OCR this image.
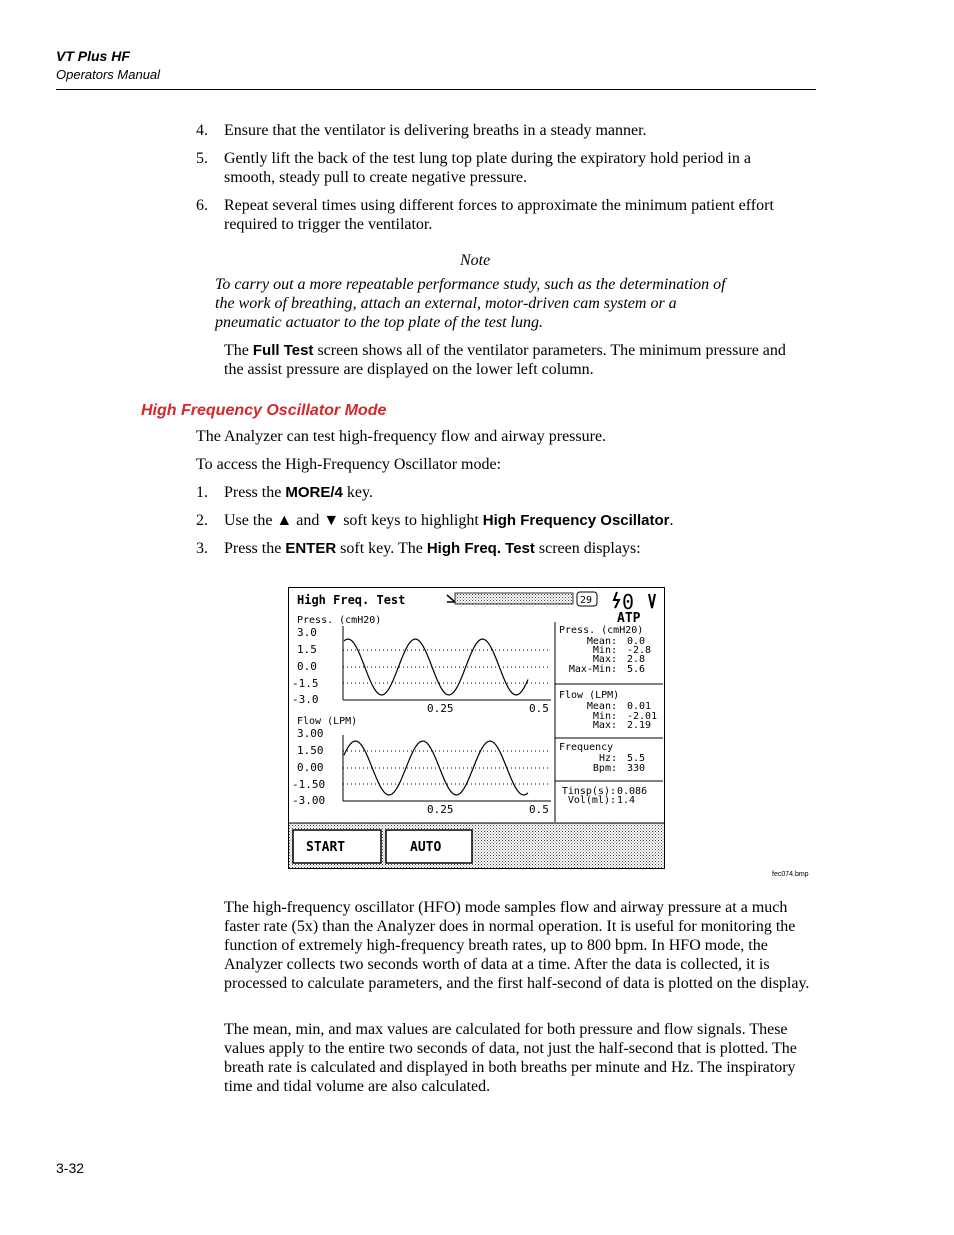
VT Plus HF
Operators Manual
4. Ensure that the ventilator is delivering breaths in a steady manner.
5. Gently lift the back of the test lung top plate during the expiratory hold period in a smooth, steady pull to create negative pressure.
6. Repeat several times using different forces to approximate the minimum patient effort required to trigger the ventilator.
Note
To carry out a more repeatable performance study, such as the determination of the work of breathing, attach an external, motor-driven cam system or a pneumatic actuator to the top plate of the test lung.
The Full Test screen shows all of the ventilator parameters. The minimum pressure and the assist pressure are displayed on the lower left column.
High Frequency Oscillator Mode
The Analyzer can test high-frequency flow and airway pressure.
To access the High-Frequency Oscillator mode:
1. Press the MORE/4 key.
2. Use the ▲ and ▼ soft keys to highlight High Frequency Oscillator.
3. Press the ENTER soft key. The High Freq. Test screen displays:
High Freq. Test	29 0
ATP
Press. (cmH20)
3.0
1.5
0.0
-1.5
-3.0
0.25	0.5
Flow (LPM)
3.00
1.50
0.00
-1.50
-3.00
0.25	0.5
Press. (cmH20)
Mean: 0.0
Min: -2.8
Max: 2.8
Max-Min: 5.6
Flow (LPM)
Mean: 0.01
Min: -2.01
Max: 2.19
Frequency
Hz: 5.5
Bpm: 330
Tinsp(s): 0.086
Vol(ml): 1.4
START	AUTO
fec074.bmp
The high-frequency oscillator (HFO) mode samples flow and airway pressure at a much faster rate (5x) than the Analyzer does in normal operation. It is useful for monitoring the function of extremely high-frequency breath rates, up to 800 bpm. In HFO mode, the Analyzer collects two seconds worth of data at a time. After the data is collected, it is processed to calculate parameters, and the first half-second of data is plotted on the display.
The mean, min, and max values are calculated for both pressure and flow signals. These values apply to the entire two seconds of data, not just the half-second that is plotted. The breath rate is calculated and displayed in both breaths per minute and Hz. The inspiratory time and tidal volume are also calculated.
3-32
